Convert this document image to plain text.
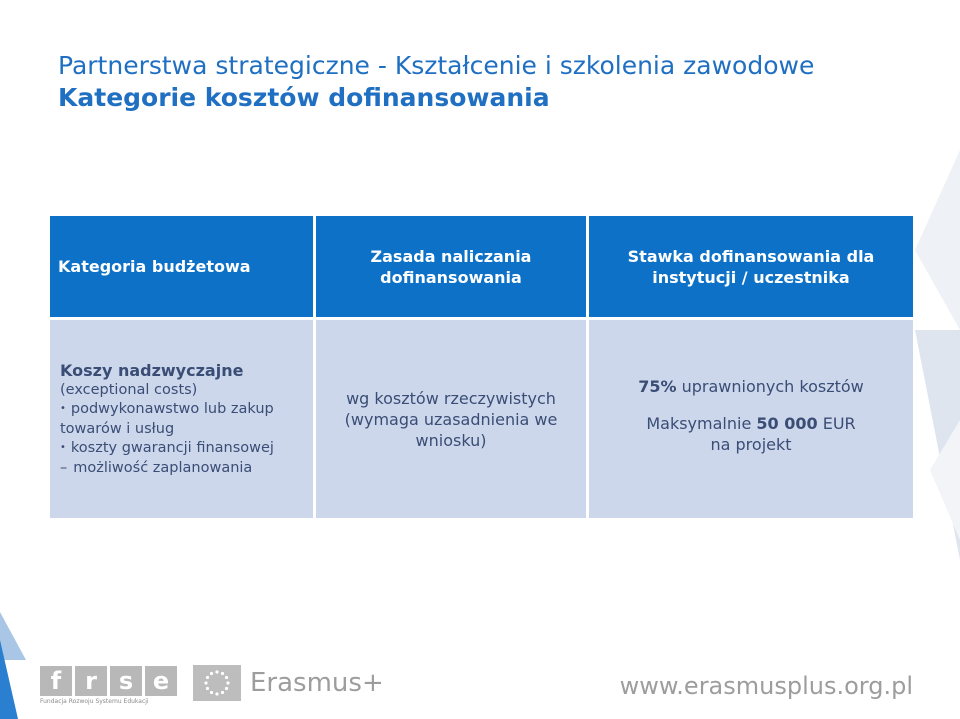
Partnerstwa strategiczne - Kształcenie i szkolenia zawodowe
Kategorie kosztów dofinansowania
Kategoria budżetowa
Zasada naliczania
dofinansowania
Stawka dofinansowania dla
instytucji / uczestnika
Koszy nadzwyczajne
(exceptional costs)
• podwykonawstwo lub zakup
towarów i usług
• koszty gwarancji finansowej
– możliwość zaplanowania
wg kosztów rzeczywistych
(wymaga uzasadnienia we
wniosku)
75% uprawnionych kosztów
Maksymalnie 50 000 EUR
na projekt
f r s e
Fundacja Rozwoju Systemu Edukacji
Erasmus+	www.erasmusplus.org.pl
